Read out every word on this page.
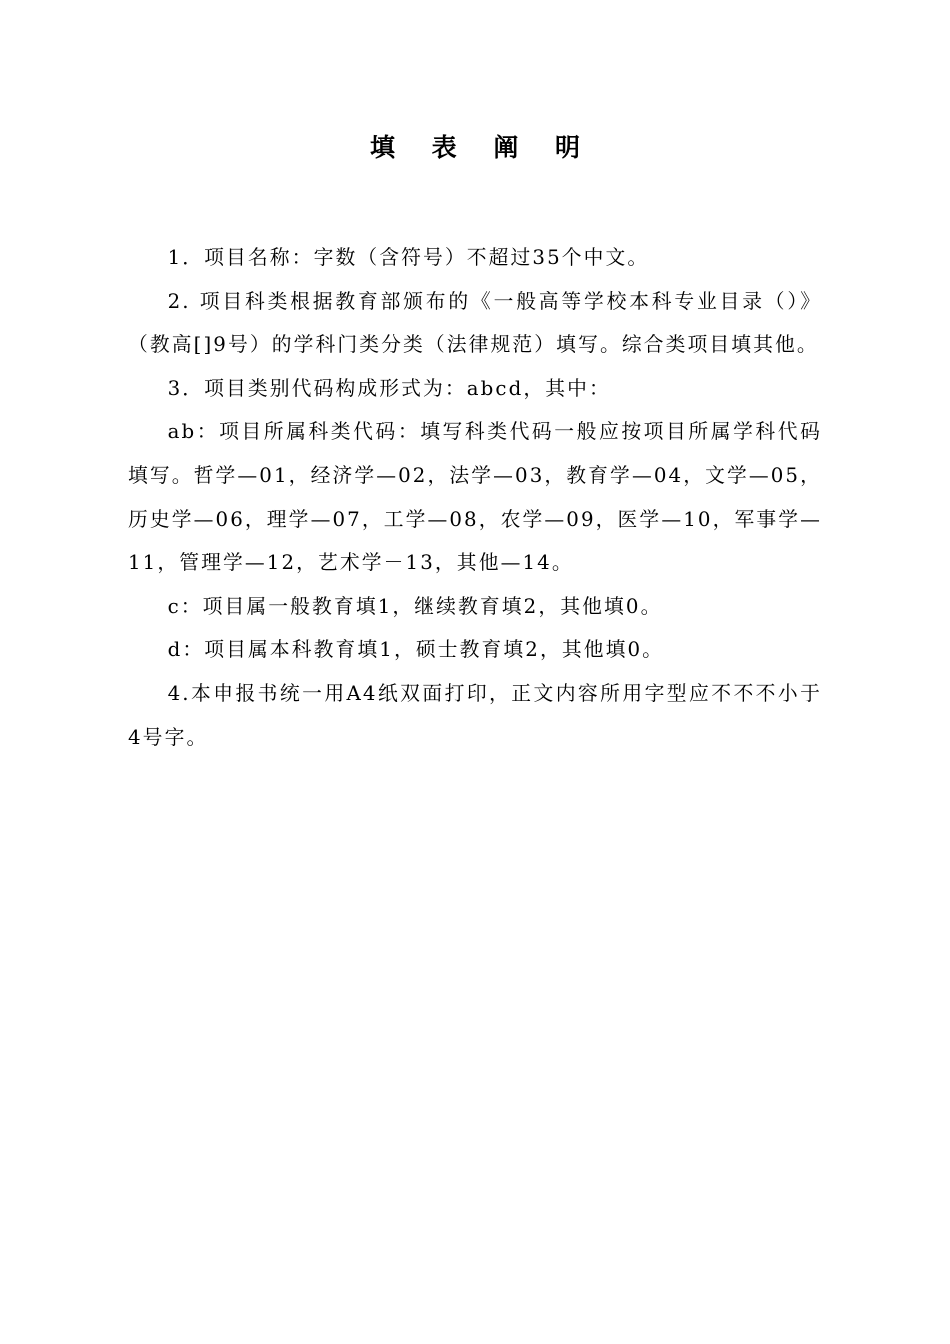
填 表 阐 明

1．项目名称：字数（含符号）不超过35个中文。

2. 项目科类根据教育部颁布的《一般高等学校本科专业目录（）》（教高[]9号）的学科门类分类（法律规范）填写。综合类项目填其他。

3．项目类别代码构成形式为：abcd，其中：

ab：项目所属科类代码：填写科类代码一般应按项目所属学科代码填写。哲学—01，经济学—02，法学—03，教育学—04，文学—05，历史学—06，理学—07，工学—08，农学—09，医学—10，军事学—11，管理学—12，艺术学－13，其他—14。

c：项目属一般教育填1，继续教育填2，其他填0。

d：项目属本科教育填1，硕士教育填2，其他填0。

4.本申报书统一用A4纸双面打印，正文内容所用字型应不不不小于4号字。
